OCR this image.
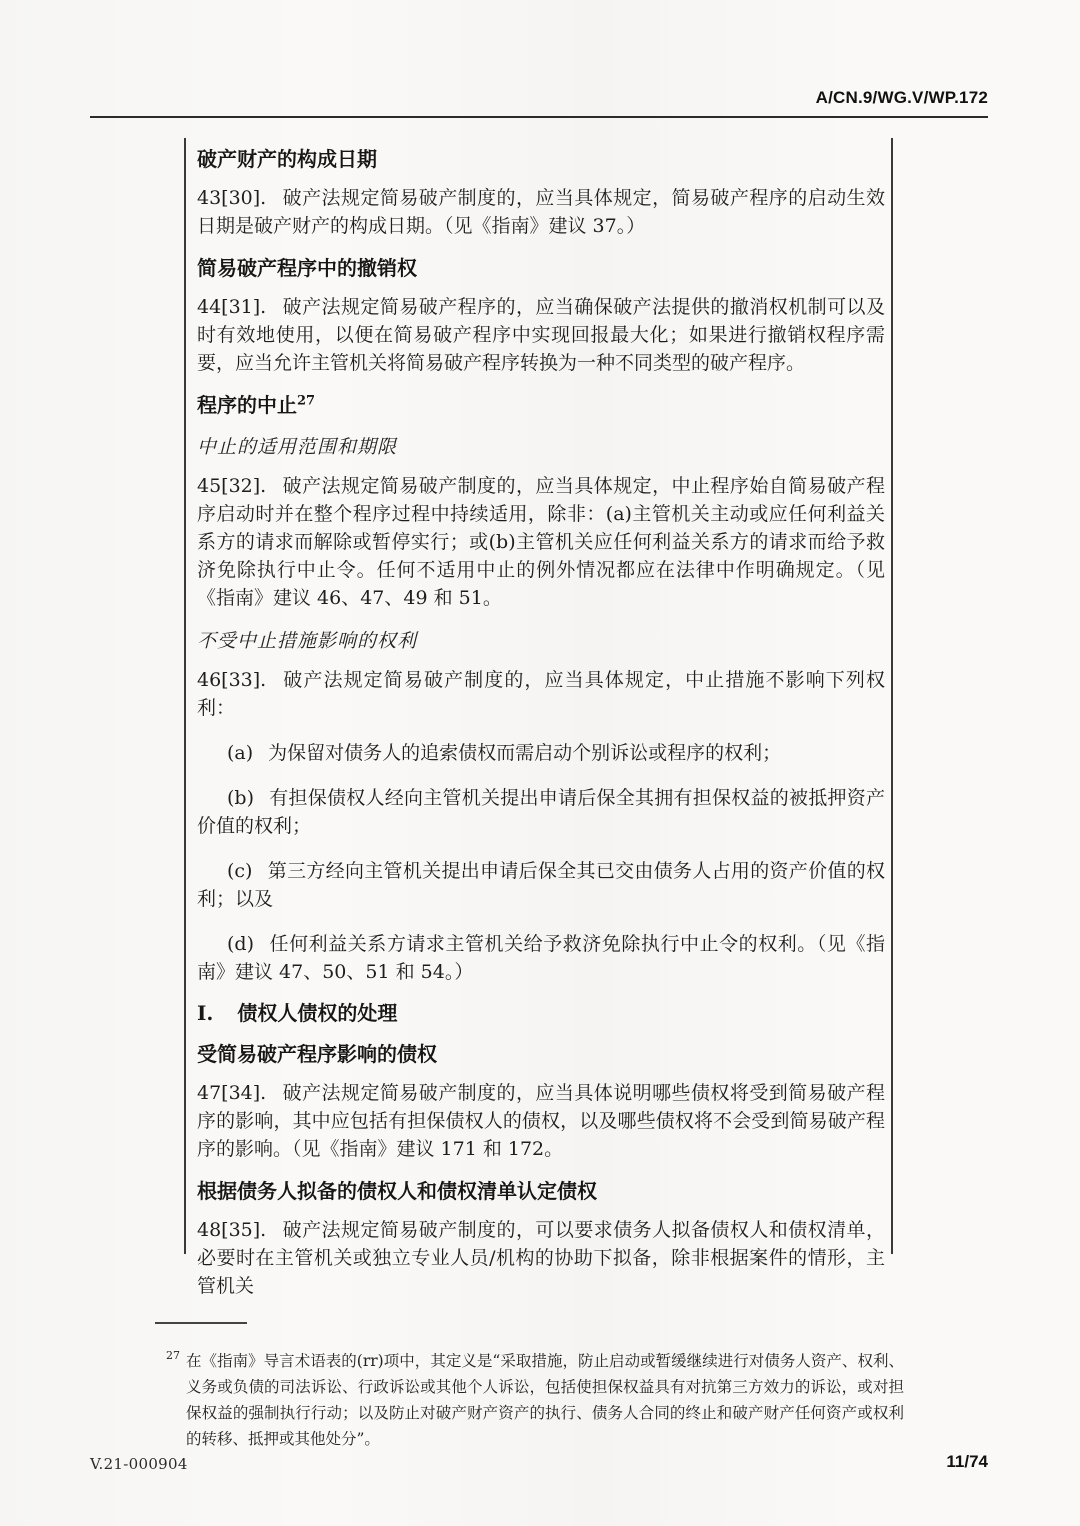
A/CN.9/WG.V/WP.172
破产财产的构成日期

43[30]. 破产法规定简易破产制度的，应当具体规定，简易破产程序的启动生效日期是破产财产的构成日期。（见《指南》建议 37。）

简易破产程序中的撤销权

44[31]. 破产法规定简易破产程序的，应当确保破产法提供的撤消权机制可以及时有效地使用，以便在简易破产程序中实现回报最大化；如果进行撤销权程序需要，应当允许主管机关将简易破产程序转换为一种不同类型的破产程序。

程序的中止$^{27}$

中止的适用范围和期限

45[32]. 破产法规定简易破产制度的，应当具体规定，中止程序始自简易破产程序启动时并在整个程序过程中持续适用，除非：(a)主管机关主动或应任何利益关系方的请求而解除或暂停实行；或(b)主管机关应任何利益关系方的请求而给予救济免除执行中止令。任何不适用中止的例外情况都应在法律中作明确规定。（见《指南》建议 46、47、49 和 51。

不受中止措施影响的权利

46[33]. 破产法规定简易破产制度的，应当具体规定，中止措施不影响下列权利：

(a) 为保留对债务人的追索债权而需启动个别诉讼或程序的权利；

(b) 有担保债权人经向主管机关提出申请后保全其拥有担保权益的被抵押资产价值的权利；

(c) 第三方经向主管机关提出申请后保全其已交由债务人占用的资产价值的权利；以及

(d) 任何利益关系方请求主管机关给予救济免除执行中止令的权利。（见《指南》建议 47、50、51 和 54。）

I. 债权人债权的处理

受简易破产程序影响的债权

47[34]. 破产法规定简易破产制度的，应当具体说明哪些债权将受到简易破产程序的影响，其中应包括有担保债权人的债权，以及哪些债权将不会受到简易破产程序的影响。（见《指南》建议 171 和 172。

根据债务人拟备的债权人和债权清单认定债权

48[35]. 破产法规定简易破产制度的，可以要求债务人拟备债权人和债权清单，必要时在主管机关或独立专业人员/机构的协助下拟备，除非根据案件的情形，主管机关

$^{27}$ 在《指南》导言术语表的(rr)项中，其定义是“采取措施，防止启动或暂缓继续进行对债务人资产、权利、义务或负债的司法诉讼、行政诉讼或其他个人诉讼，包括使担保权益具有对抗第三方效力的诉讼，或对担保权益的强制执行行动；以及防止对破产财产资产的执行、债务人合同的终止和破产财产任何资产或权利的转移、抵押或其他处分”。

V.21-000904	11/74
